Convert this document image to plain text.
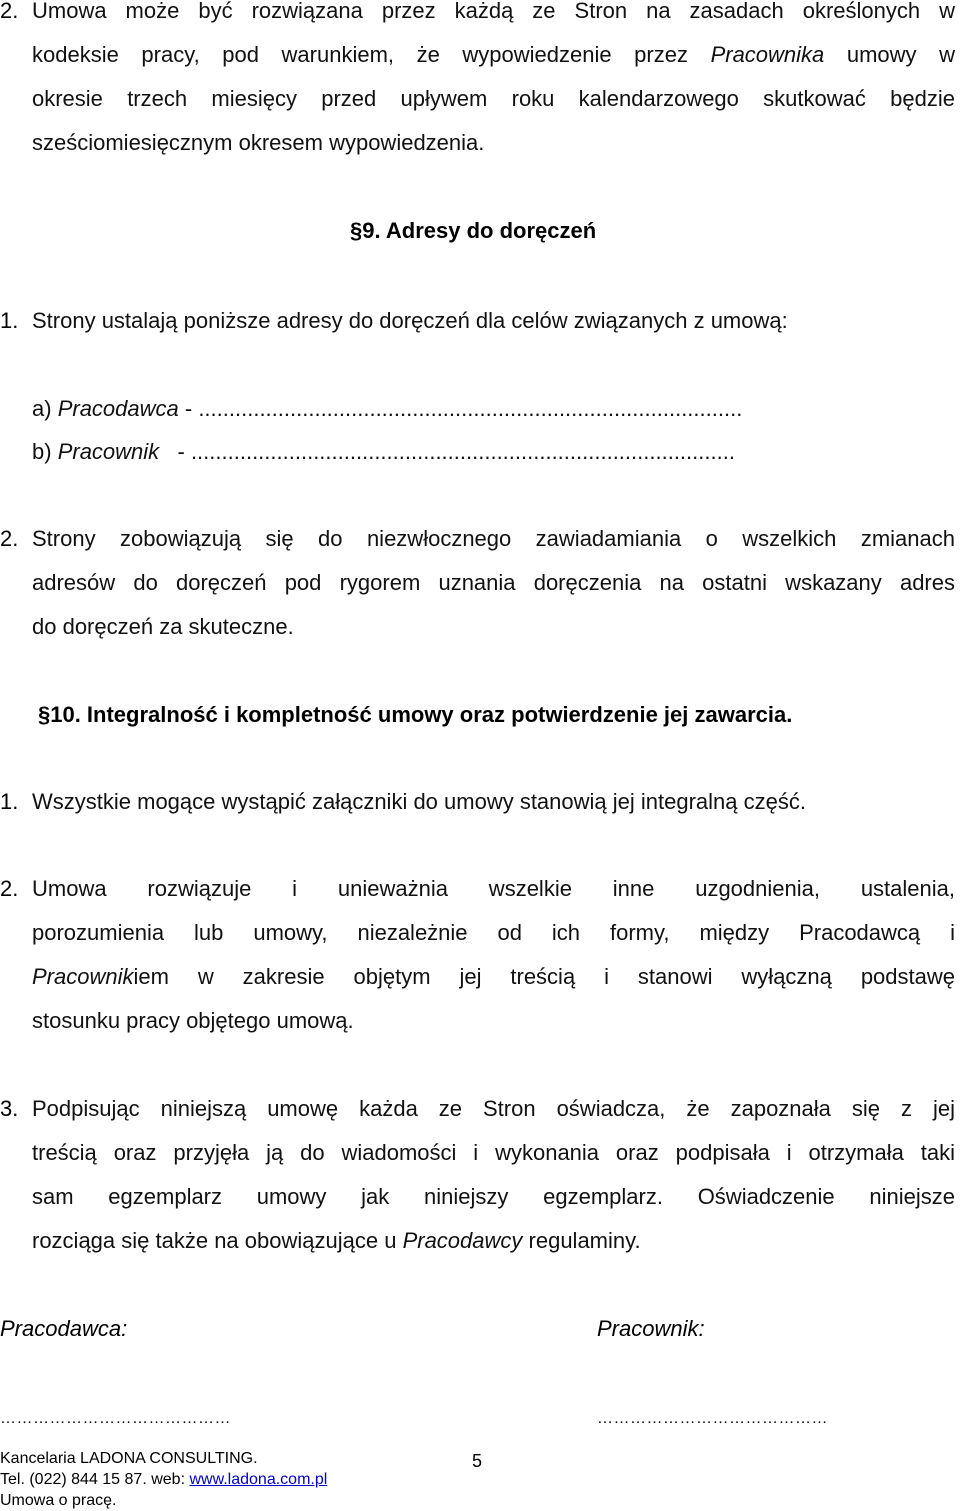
2. Umowa może być rozwiązana przez każdą ze Stron na zasadach określonych w
kodeksie pracy, pod warunkiem, że wypowiedzenie przez Pracownika umowy w
okresie trzech miesięcy przed upływem roku kalendarzowego skutkować będzie
sześciomiesięcznym okresem wypowiedzenia.
§9. Adresy do doręczeń
1. Strony ustalają poniższe adresy do doręczeń dla celów związanych z umową:
a) Pracodawca - .........................................................................................
b) Pracownik   - .........................................................................................
2. Strony zobowiązują się do niezwłocznego zawiadamiania o wszelkich zmianach
adresów do doręczeń pod rygorem uznania doręczenia na ostatni wskazany adres
do doręczeń za skuteczne.
§10. Integralność i kompletność umowy oraz potwierdzenie jej zawarcia.
1. Wszystkie mogące wystąpić załączniki do umowy stanowią jej integralną część.
2. Umowa rozwiązuje i unieważnia wszelkie inne uzgodnienia, ustalenia,
porozumienia lub umowy, niezależnie od ich formy, między Pracodawcą i
Pracownikiem w zakresie objętym jej treścią i stanowi wyłączną podstawę
stosunku pracy objętego umową.
3. Podpisując niniejszą umowę każda ze Stron oświadcza, że zapoznała się z jej
treścią oraz przyjęła ją do wiadomości i wykonania oraz podpisała i otrzymała taki
sam egzemplarz umowy jak niniejszy egzemplarz. Oświadczenie niniejsze
rozciąga się także na obowiązujące u Pracodawcy regulaminy.
Pracodawca:	Pracownik:
……………………………………	……………………………………
Kancelaria LADONA CONSULTING.
Tel. (022) 844 15 87. web: www.ladona.com.pl
Umowa o pracę.
5
